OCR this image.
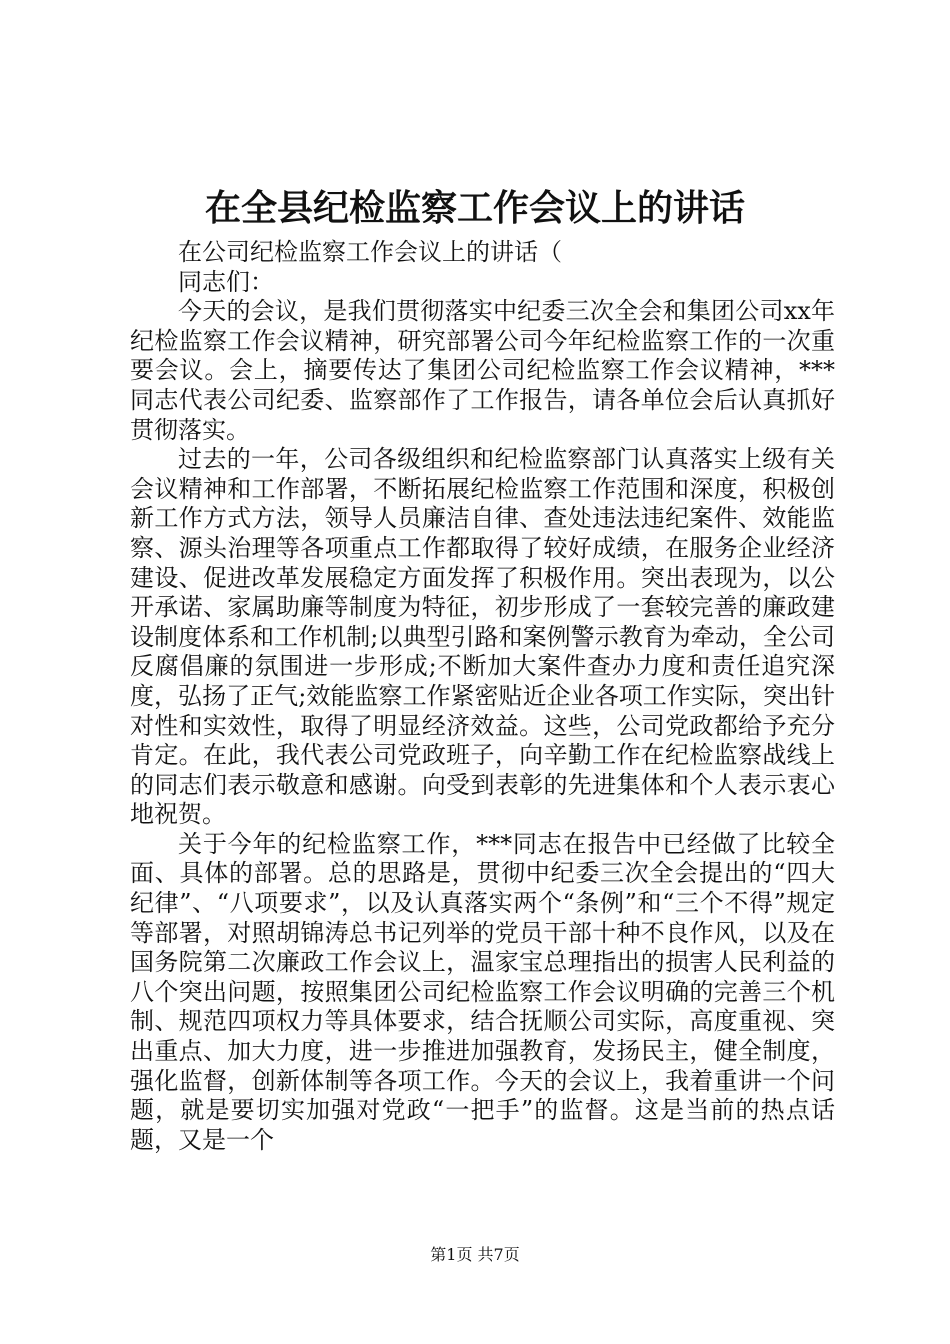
在全县纪检监察工作会议上的讲话

在公司纪检监察工作会议上的讲话（

同志们：

今天的会议，是我们贯彻落实中纪委三次全会和集团公司xx年纪检监察工作会议精神，研究部署公司今年纪检监察工作的一次重要会议。会上，摘要传达了集团公司纪检监察工作会议精神，***同志代表公司纪委、监察部作了工作报告，请各单位会后认真抓好贯彻落实。

过去的一年，公司各级组织和纪检监察部门认真落实上级有关会议精神和工作部署，不断拓展纪检监察工作范围和深度，积极创新工作方式方法，领导人员廉洁自律、查处违法违纪案件、效能监察、源头治理等各项重点工作都取得了较好成绩，在服务企业经济建设、促进改革发展稳定方面发挥了积极作用。突出表现为，以公开承诺、家属助廉等制度为特征，初步形成了一套较完善的廉政建设制度体系和工作机制;以典型引路和案例警示教育为牵动，全公司反腐倡廉的氛围进一步形成;不断加大案件查办力度和责任追究深度，弘扬了正气;效能监察工作紧密贴近企业各项工作实际，突出针对性和实效性，取得了明显经济效益。这些，公司党政都给予充分肯定。在此，我代表公司党政班子，向辛勤工作在纪检监察战线上的同志们表示敬意和感谢。向受到表彰的先进集体和个人表示衷心地祝贺。

关于今年的纪检监察工作，***同志在报告中已经做了比较全面、具体的部署。总的思路是，贯彻中纪委三次全会提出的“四大纪律”、“八项要求”，以及认真落实两个“条例”和“三个不得”规定等部署，对照胡锦涛总书记列举的党员干部十种不良作风，以及在国务院第二次廉政工作会议上，温家宝总理指出的损害人民利益的八个突出问题，按照集团公司纪检监察工作会议明确的完善三个机制、规范四项权力等具体要求，结合抚顺公司实际，高度重视、突出重点、加大力度，进一步推进加强教育，发扬民主，健全制度，强化监督，创新体制等各项工作。今天的会议上，我着重讲一个问题，就是要切实加强对党政“一把手”的监督。这是当前的热点话题，又是一个

第1页 共7页
